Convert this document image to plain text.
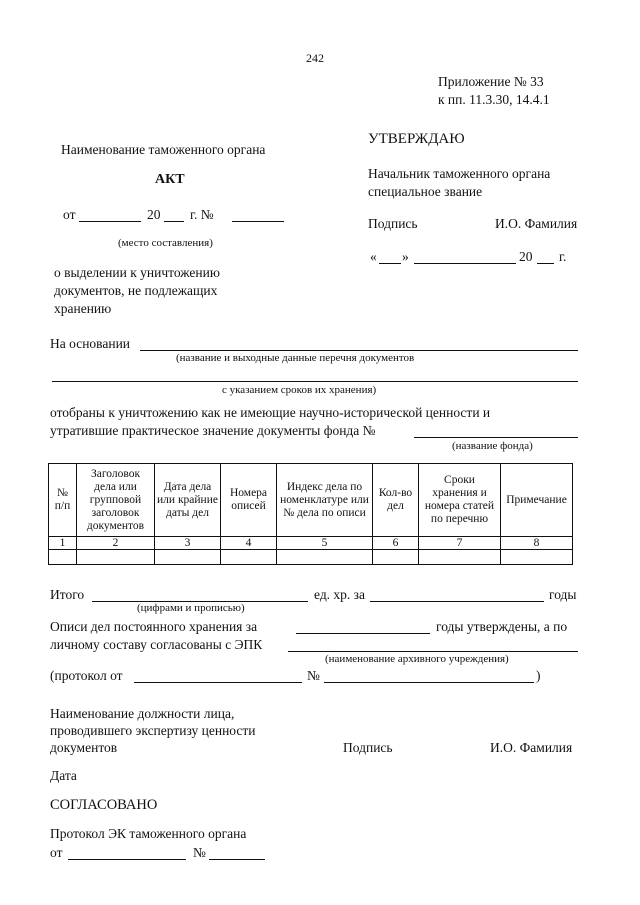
242
Приложение № 33
к пп. 11.3.30, 14.4.1
УТВЕРЖДАЮ
Начальник таможенного органа
специальное звание
Подпись	И.О. Фамилия
« »	20 г.
Наименование таможенного органа
АКТ
от	20 г. №
(место составления)
о выделении к уничтожению
документов, не подлежащих
хранению
На основании
(название и выходные данные перечня документов
с указанием сроков их хранения)
отобраны к уничтожению как не имеющие научно-исторической ценности и
утратившие практическое значение документы фонда №
(название фонда)
№ п/п	Заголовок дела или групповой заголовок документов	Дата дела или крайние даты дел	Номера описей	Индекс дела по номенклатуре или № дела по описи	Кол-во дел	Сроки хранения и номера статей по перечню	Примечание
1	2	3	4	5	6	7	8

Итого	ед. хр. за	годы
(цифрами и прописью)
Описи дел постоянного хранения за	годы утверждены, а по
личному составу согласованы с ЭПК
(наименование архивного учреждения)
(протокол от	№	)
Наименование должности лица,
проводившего экспертизу ценности
документов	Подпись	И.О. Фамилия
Дата
СОГЛАСОВАНО
Протокол ЭК таможенного органа
от	№
